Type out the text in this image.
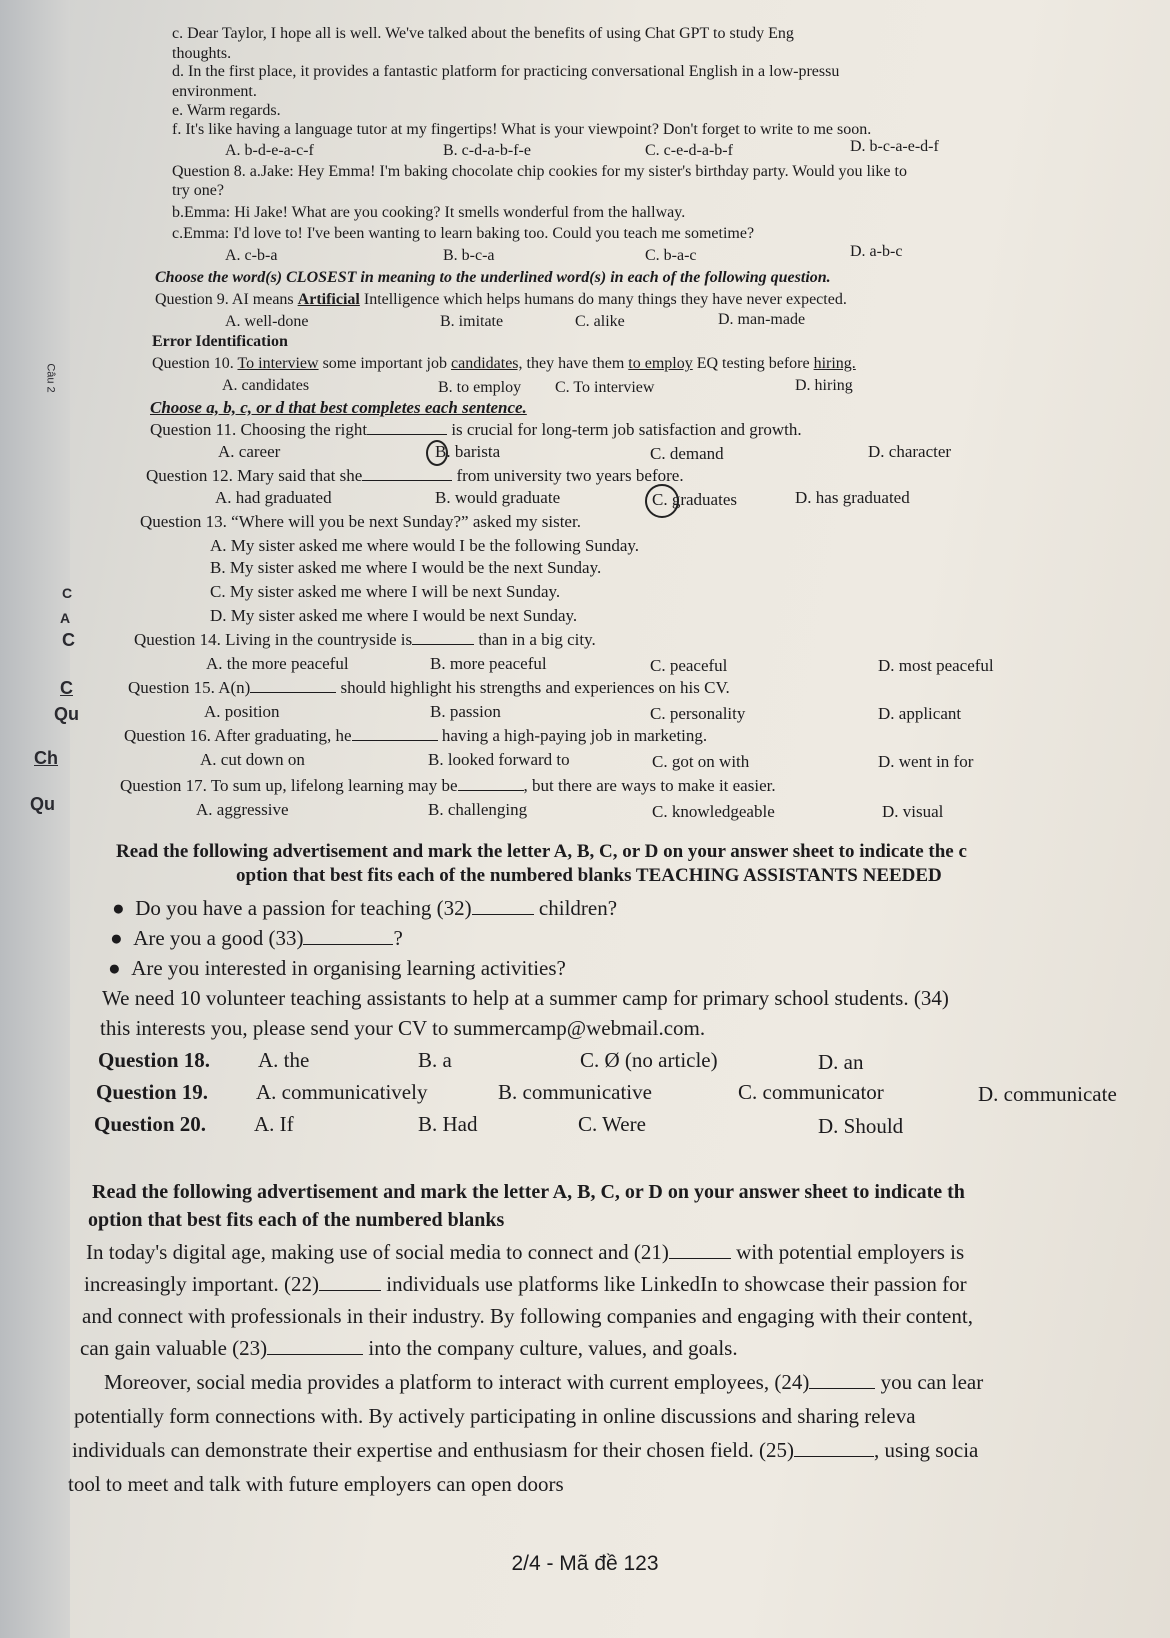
c. Dear Taylor, I hope all is well. We've talked about the benefits of using Chat GPT to study Eng
thoughts.
d. In the first place, it provides a fantastic platform for practicing conversational English in a low-pressu
environment.
e. Warm regards.
f. It's like having a language tutor at my fingertips! What is your viewpoint? Don't forget to write to me soon.
A. b-d-e-a-c-f	B. c-d-a-b-f-e	C. c-e-d-a-b-f	D. b-c-a-e-d-f
Question 8. a.Jake: Hey Emma! I'm baking chocolate chip cookies for my sister's birthday party. Would you like to
try one?
b.Emma: Hi Jake! What are you cooking? It smells wonderful from the hallway.
c.Emma: I'd love to! I've been wanting to learn baking too. Could you teach me sometime?
A. c-b-a	B. b-c-a	C. b-a-c	D. a-b-c
Choose the word(s) CLOSEST in meaning to the underlined word(s) in each of the following question.
Question 9. AI means Artificial Intelligence which helps humans do many things they have never expected.
A. well-done	B. imitate	C. alike	D. man-made
Error Identification
Question 10. To interview some important job candidates, they have them to employ EQ testing before hiring.
A. candidates	B. to employ C. To interview	D. hiring
Choose a, b, c, or d that best completes each sentence.
Question 11. Choosing the right	is crucial for long-term job satisfaction and growth.
A. career	B. barista	C. demand	D. character
Question 12. Mary said that she	from university two years before.
A. had graduated	B. would graduate	C. graduates	D. has graduated
Question 13. “Where will you be next Sunday?” asked my sister.
A. My sister asked me where would I be the following Sunday.
B. My sister asked me where I would be the next Sunday.
C. My sister asked me where I will be next Sunday.
D. My sister asked me where I would be next Sunday.
Question 14. Living in the countryside is	than in a big city.
A. the more peaceful	B. more peaceful	C. peaceful	D. most peaceful
Question 15. A(n)	should highlight his strengths and experiences on his CV.
A. position	B. passion	C. personality	D. applicant
Question 16. After graduating, he	having a high-paying job in marketing.
A. cut down on	B. looked forward to	C. got on with	D. went in for
Question 17. To sum up, lifelong learning may be	, but there are ways to make it easier.
A. aggressive	B. challenging	C. knowledgeable	D. visual
Read the following advertisement and mark the letter A, B, C, or D on your answer sheet to indicate the c
option that best fits each of the numbered blanks TEACHING ASSISTANTS NEEDED
●  Do you have a passion for teaching (32)	children?
●  Are you a good (33)	?
●  Are you interested in organising learning activities?
We need 10 volunteer teaching assistants to help at a summer camp for primary school students. (34)
this interests you, please send your CV to summercamp@webmail.com.
Question 18. A. the	B. a	C. Ø (no article)	D. an
Question 19. A. communicatively	B. communicative	C. communicator	D. communicate
Question 20. A. If	B. Had	C. Were	D. Should
Read the following advertisement and mark the letter A, B, C, or D on your answer sheet to indicate th
option that best fits each of the numbered blanks
In today's digital age, making use of social media to connect and (21)	with potential employers is
increasingly important. (22)	individuals use platforms like LinkedIn to showcase their passion for
and connect with professionals in their industry. By following companies and engaging with their content,
can gain valuable (23)	into the company culture, values, and goals.
Moreover, social media provides a platform to interact with current employees, (24)	you can lear
potentially form connections with. By actively participating in online discussions and sharing releva
individuals can demonstrate their expertise and enthusiasm for their chosen field. (25)	, using socia
tool to meet and talk with future employers can open doors
C
A
C
C
Qu
Ch
Qu
Câu 2
2/4 - Mã đề 123
